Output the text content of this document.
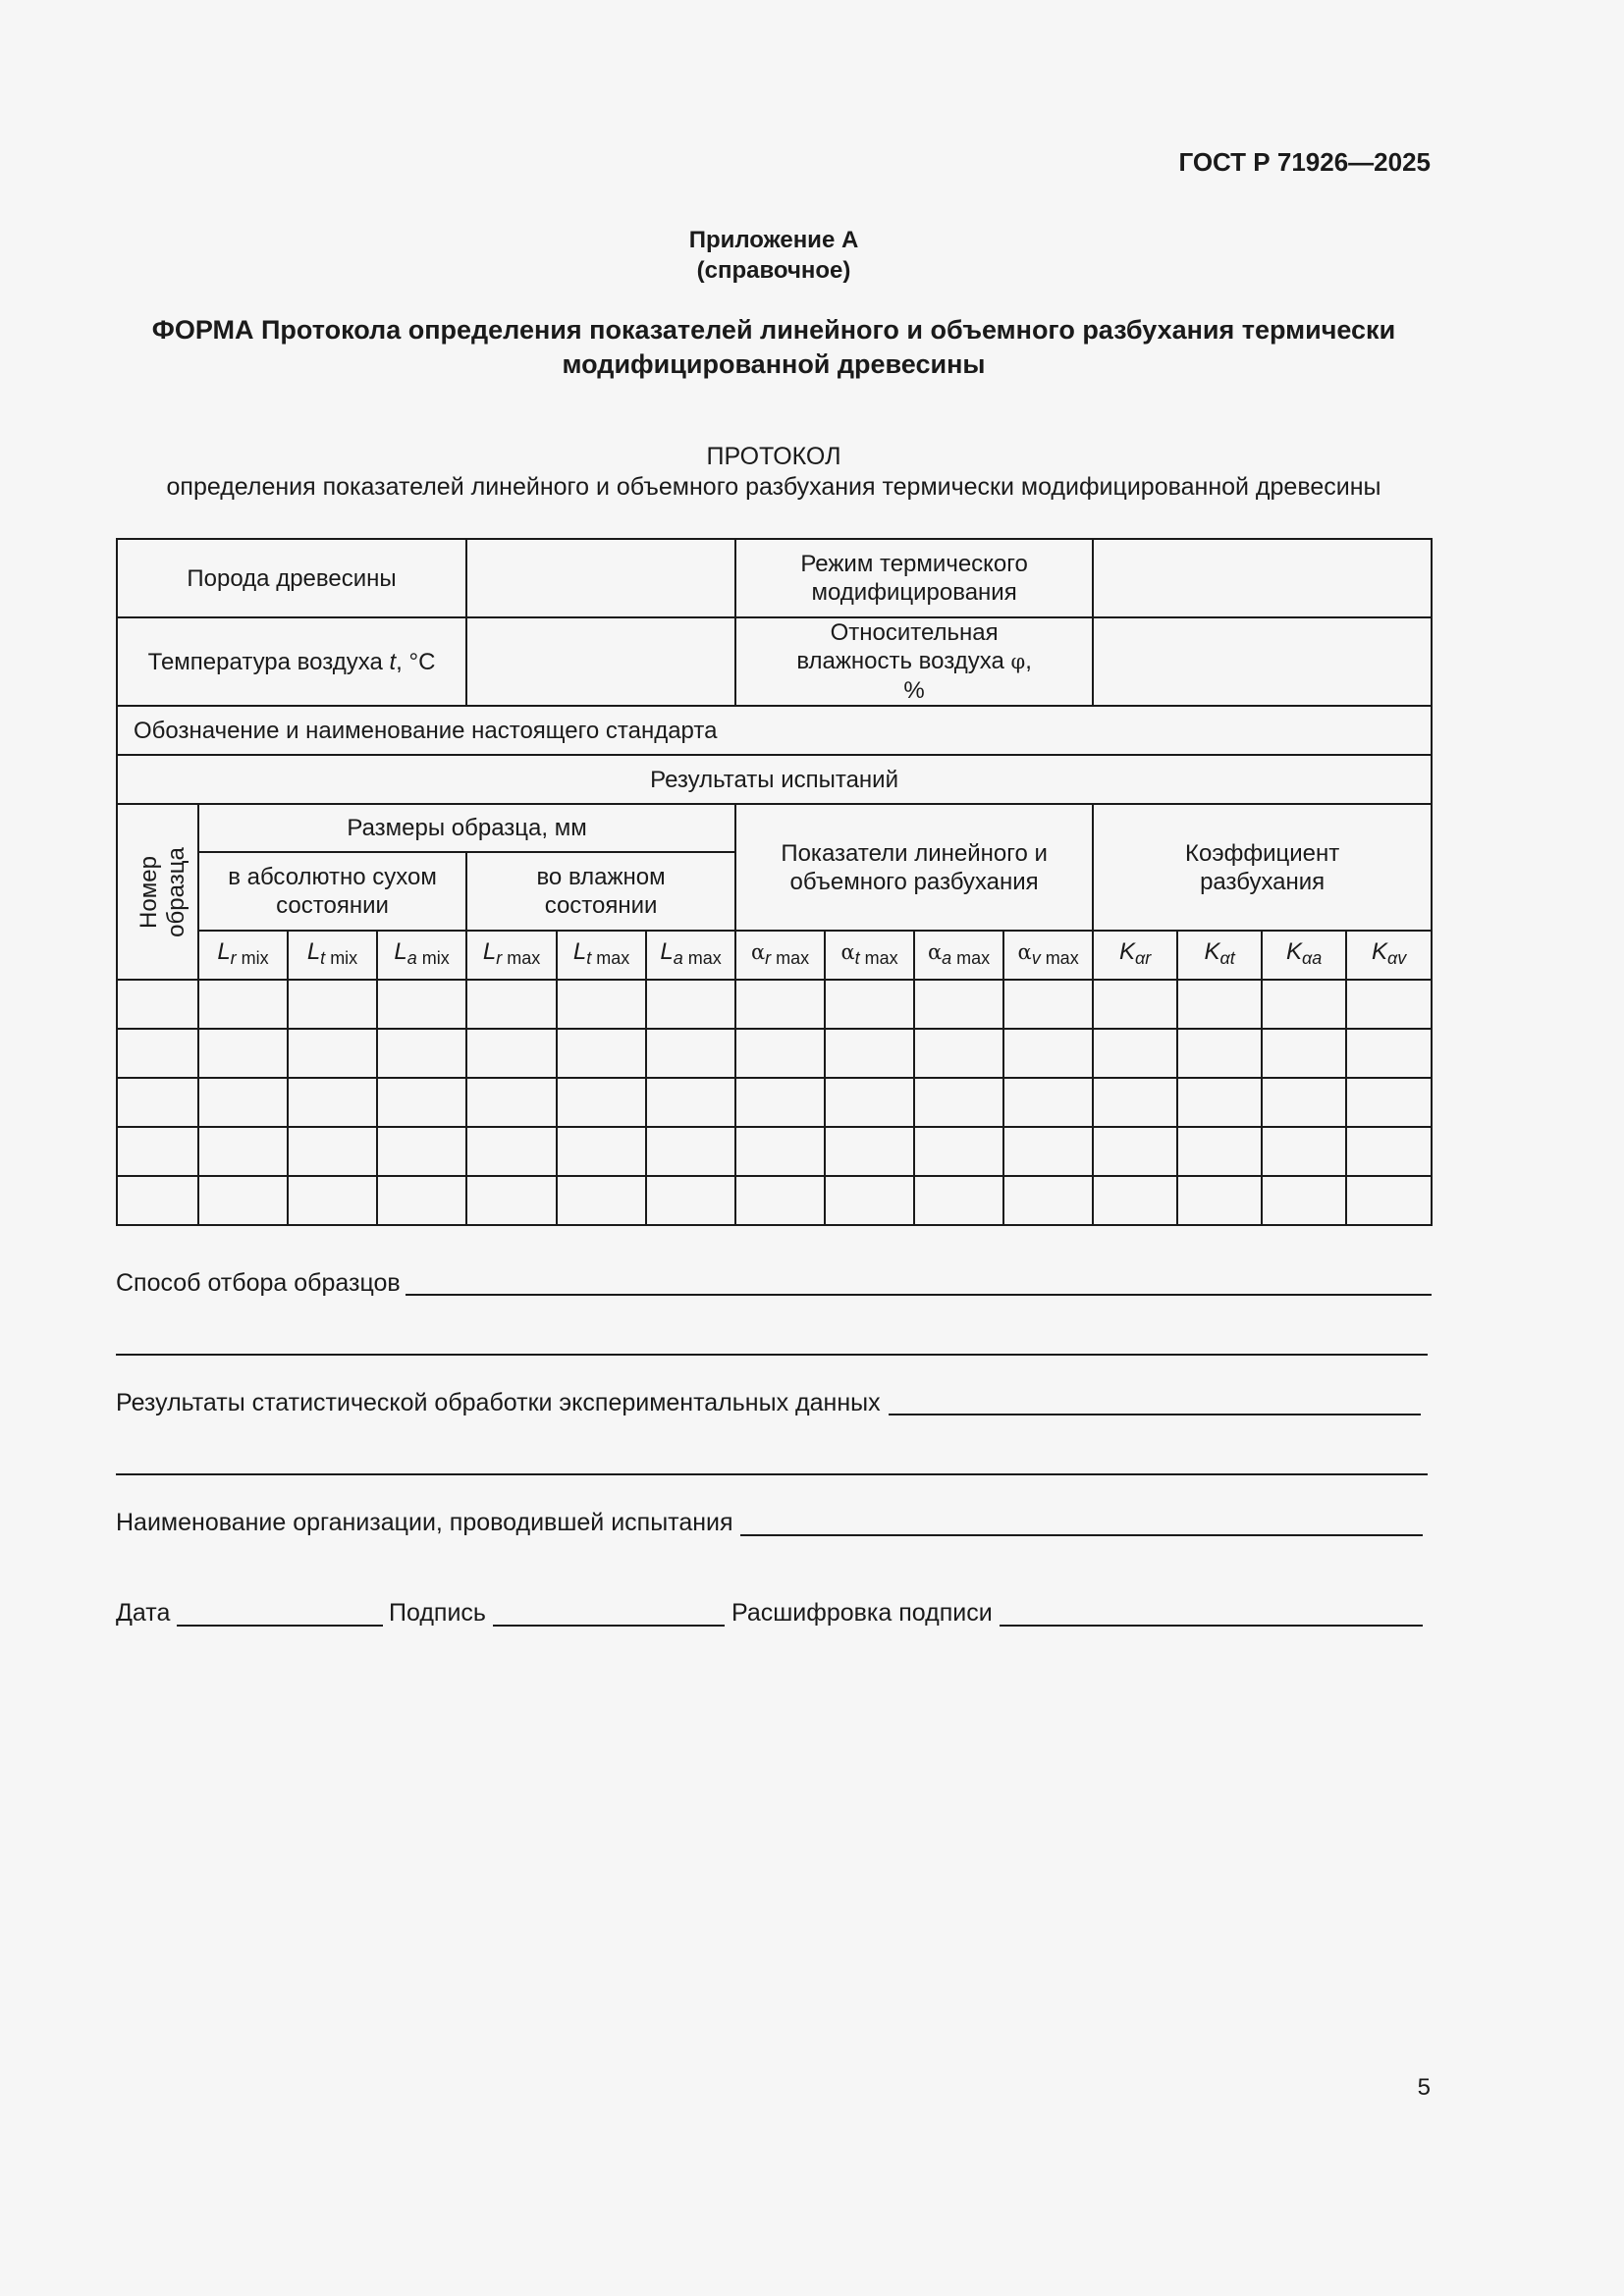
ГОСТ Р 71926—2025
Приложение А
(справочное)
ФОРМА Протокола определения показателей линейного и объемного разбухания термически модифицированной древесины
ПРОТОКОЛ
определения показателей линейного и объемного разбухания термически модифицированной древесины
Порода древесины							Режим термического модифицирования							

Температура воздуха t, °C							Относительная влажность воздуха φ, %							

Обозначение и наименование настоящего стандарта														
Результаты испытаний														

Номер образца	Размеры образца, мм						Показатели линейного и объемного разбухания				Коэффициент разбухания			

	в абсолютно сухом состоянии			во влажном состоянии										

	$L_{r mix}$	$L_{t mix}$	$L_{a mix}$	$L_{r max}$	$L_{t max}$	$L_{a max}$	$\alpha_{r max}$	$\alpha_{t max}$	$\alpha_{a max}$	$\alpha_{v max}$	$K_{\alpha r}$	$K_{\alpha t}$	$K_{\alpha a}$	$K_{\alpha v}$

Способ отбора образцов
Результаты статистической обработки экспериментальных данных
Наименование организации, проводившей испытания
Дата	Подпись	Расшифровка подписи
5
